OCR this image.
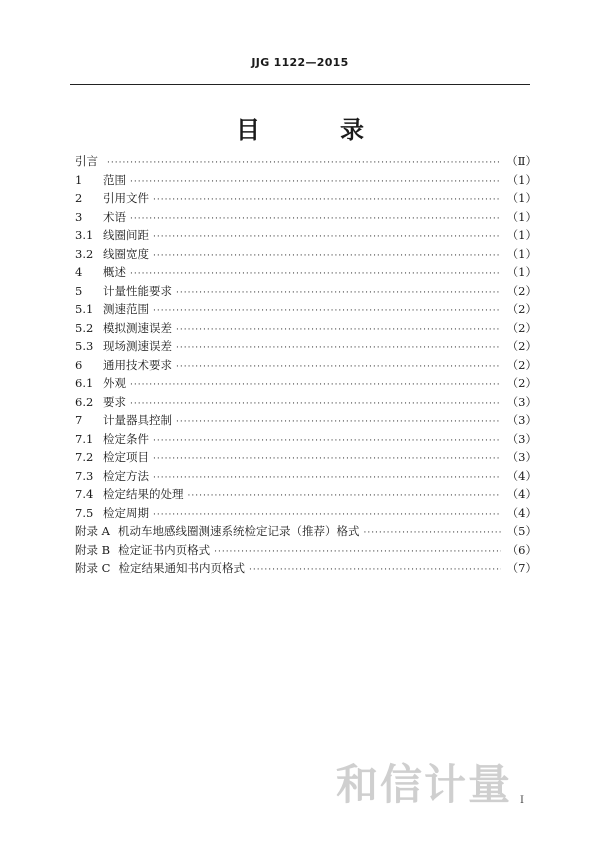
JJG 1122—2015
目　录
引言 ·····	（Ⅱ）
1	范围 ·····	（1）
2	引用文件 ·····	（1）
3	术语 ·····	（1）
3.1 线圈间距 ·····	（1）
3.2 线圈宽度 ·····	（1）
4	概述 ·····	（1）
5	计量性能要求 ·····	（2）
5.1 测速范围 ·····	（2）
5.2 模拟测速误差 ·····	（2）
5.3 现场测速误差 ·····	（2）
6	通用技术要求 ·····	（2）
6.1 外观 ·····	（2）
6.2 要求 ·····	（3）
7	计量器具控制 ·····	（3）
7.1 检定条件 ·····	（3）
7.2 检定项目 ·····	（3）
7.3 检定方法 ·····	（4）
7.4 检定结果的处理 ·····	（4）
7.5 检定周期 ·····	（4）
附录 A 机动车地感线圈测速系统检定记录（推荐）格式 ·····	（5）
附录 B 检定证书内页格式 ·····	（6）
附录 C 检定结果通知书内页格式 ·····	（7）
和信计量 I
